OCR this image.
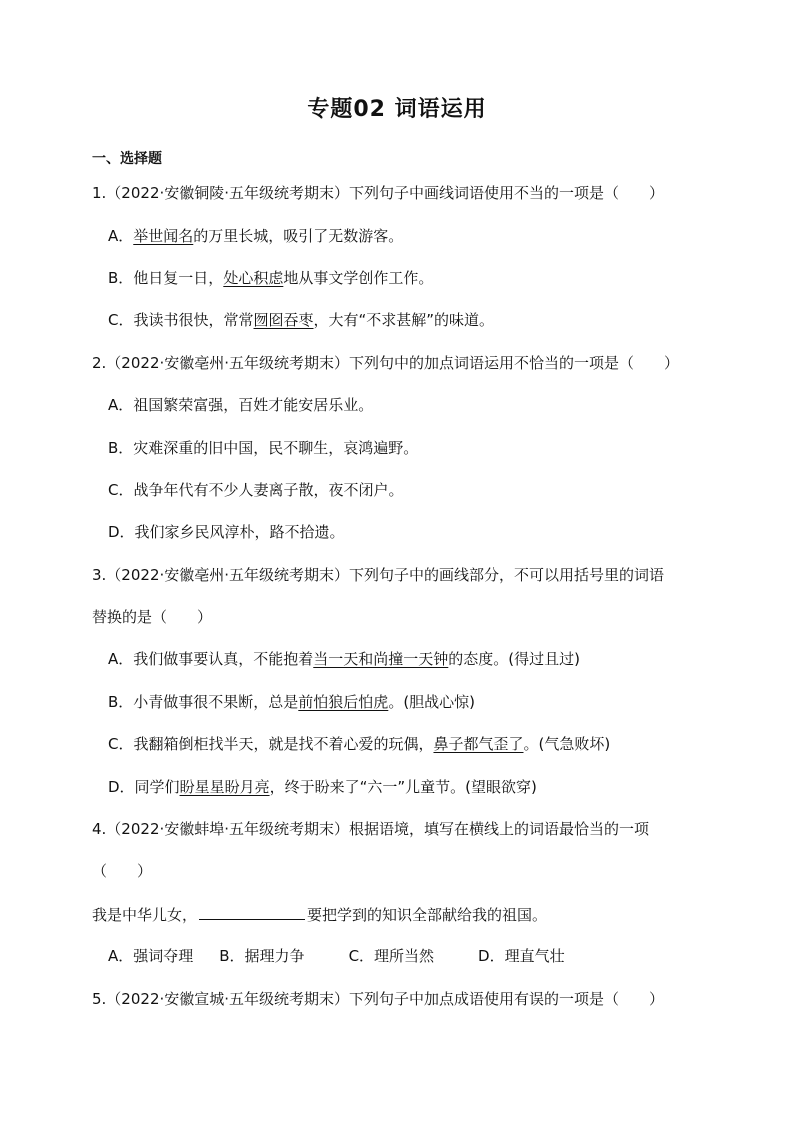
专题02 词语运用
一、选择题
1.（2022·安徽铜陵·五年级统考期末）下列句子中画线词语使用不当的一项是（　　）
A．举世闻名的万里长城，吸引了无数游客。
B．他日复一日，处心积虑地从事文学创作工作。
C．我读书很快，常常囫囵吞枣，大有“不求甚解”的味道。
2.（2022·安徽亳州·五年级统考期末）下列句中的加点词语运用不恰当的一项是（　　）
A．祖国繁荣富强，百姓才能安居乐业。
B．灾难深重的旧中国，民不聊生，哀鸿遍野。
C．战争年代有不少人妻离子散，夜不闭户。
D．我们家乡民风淳朴，路不拾遗。
3.（2022·安徽亳州·五年级统考期末）下列句子中的画线部分，不可以用括号里的词语
替换的是（　　）
A．我们做事要认真，不能抱着当一天和尚撞一天钟的态度。(得过且过)
B．小青做事很不果断，总是前怕狼后怕虎。(胆战心惊)
C．我翻箱倒柜找半天，就是找不着心爱的玩偶，鼻子都气歪了。(气急败坏)
D．同学们盼星星盼月亮，终于盼来了“六一”儿童节。(望眼欲穿)
4.（2022·安徽蚌埠·五年级统考期末）根据语境，填写在横线上的词语最恰当的一项
（　　）
我是中华儿女，	要把学到的知识全部献给我的祖国。
A．强词夺理 B．据理力争	C．理所当然	D．理直气壮
5.（2022·安徽宣城·五年级统考期末）下列句子中加点成语使用有误的一项是（　　）
